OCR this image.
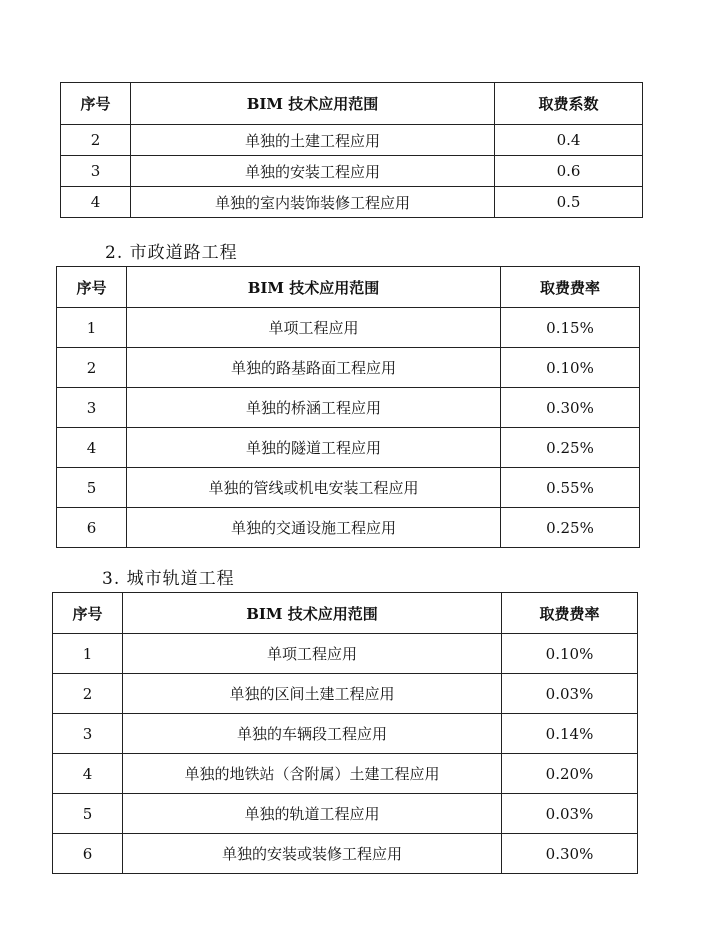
序号	BIM 技术应用范围	取费系数
2	单独的土建工程应用	0.4
3	单独的安装工程应用	0.6
4	单独的室内装饰装修工程应用	0.5
2. 市政道路工程
序号	BIM 技术应用范围	取费费率
1	单项工程应用	0.15%
2	单独的路基路面工程应用	0.10%
3	单独的桥涵工程应用	0.30%
4	单独的隧道工程应用	0.25%
5	单独的管线或机电安装工程应用	0.55%
6	单独的交通设施工程应用	0.25%
3. 城市轨道工程
序号	BIM 技术应用范围	取费费率
1	单项工程应用	0.10%
2	单独的区间土建工程应用	0.03%
3	单独的车辆段工程应用	0.14%
4	单独的地铁站（含附属）土建工程应用	0.20%
5	单独的轨道工程应用	0.03%
6	单独的安装或装修工程应用	0.30%
